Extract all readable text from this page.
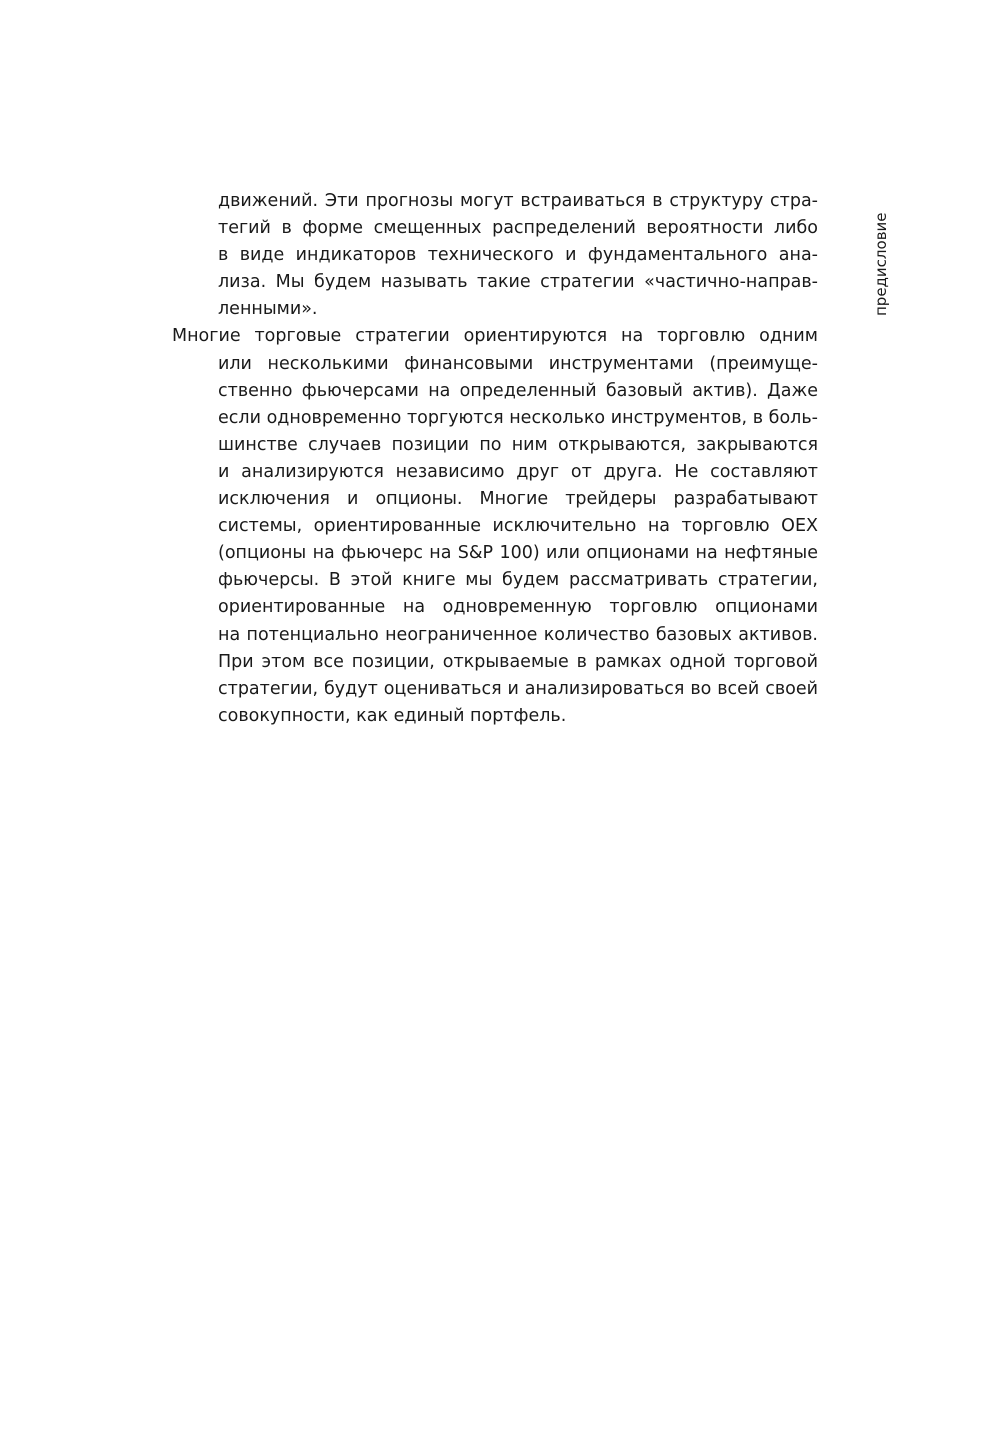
движений. Эти прогнозы могут встраиваться в структуру стра-
тегий в форме смещенных распределений вероятности либо
в виде индикаторов технического и фундаментального ана-
лиза. Мы будем называть такие стратегии «частично-направ-
ленными».
Многие торговые стратегии ориентируются на торговлю одним
или несколькими финансовыми инструментами (преимуще-
ственно фьючерсами на определенный базовый актив). Даже
если одновременно торгуются несколько инструментов, в боль-
шинстве случаев позиции по ним открываются, закрываются
и анализируются независимо друг от друга. Не составляют
исключения и опционы. Многие трейдеры разрабатывают
системы, ориентированные исключительно на торговлю OEX
(опционы на фьючерс на S&P 100) или опционами на нефтяные
фьючерсы. В этой книге мы будем рассматривать стратегии,
ориентированные на одновременную торговлю опционами
на потенциально неограниченное количество базовых активов.
При этом все позиции, открываемые в рамках одной торговой
стратегии, будут оцениваться и анализироваться во всей своей
совокупности, как единый портфель.
предисловие
